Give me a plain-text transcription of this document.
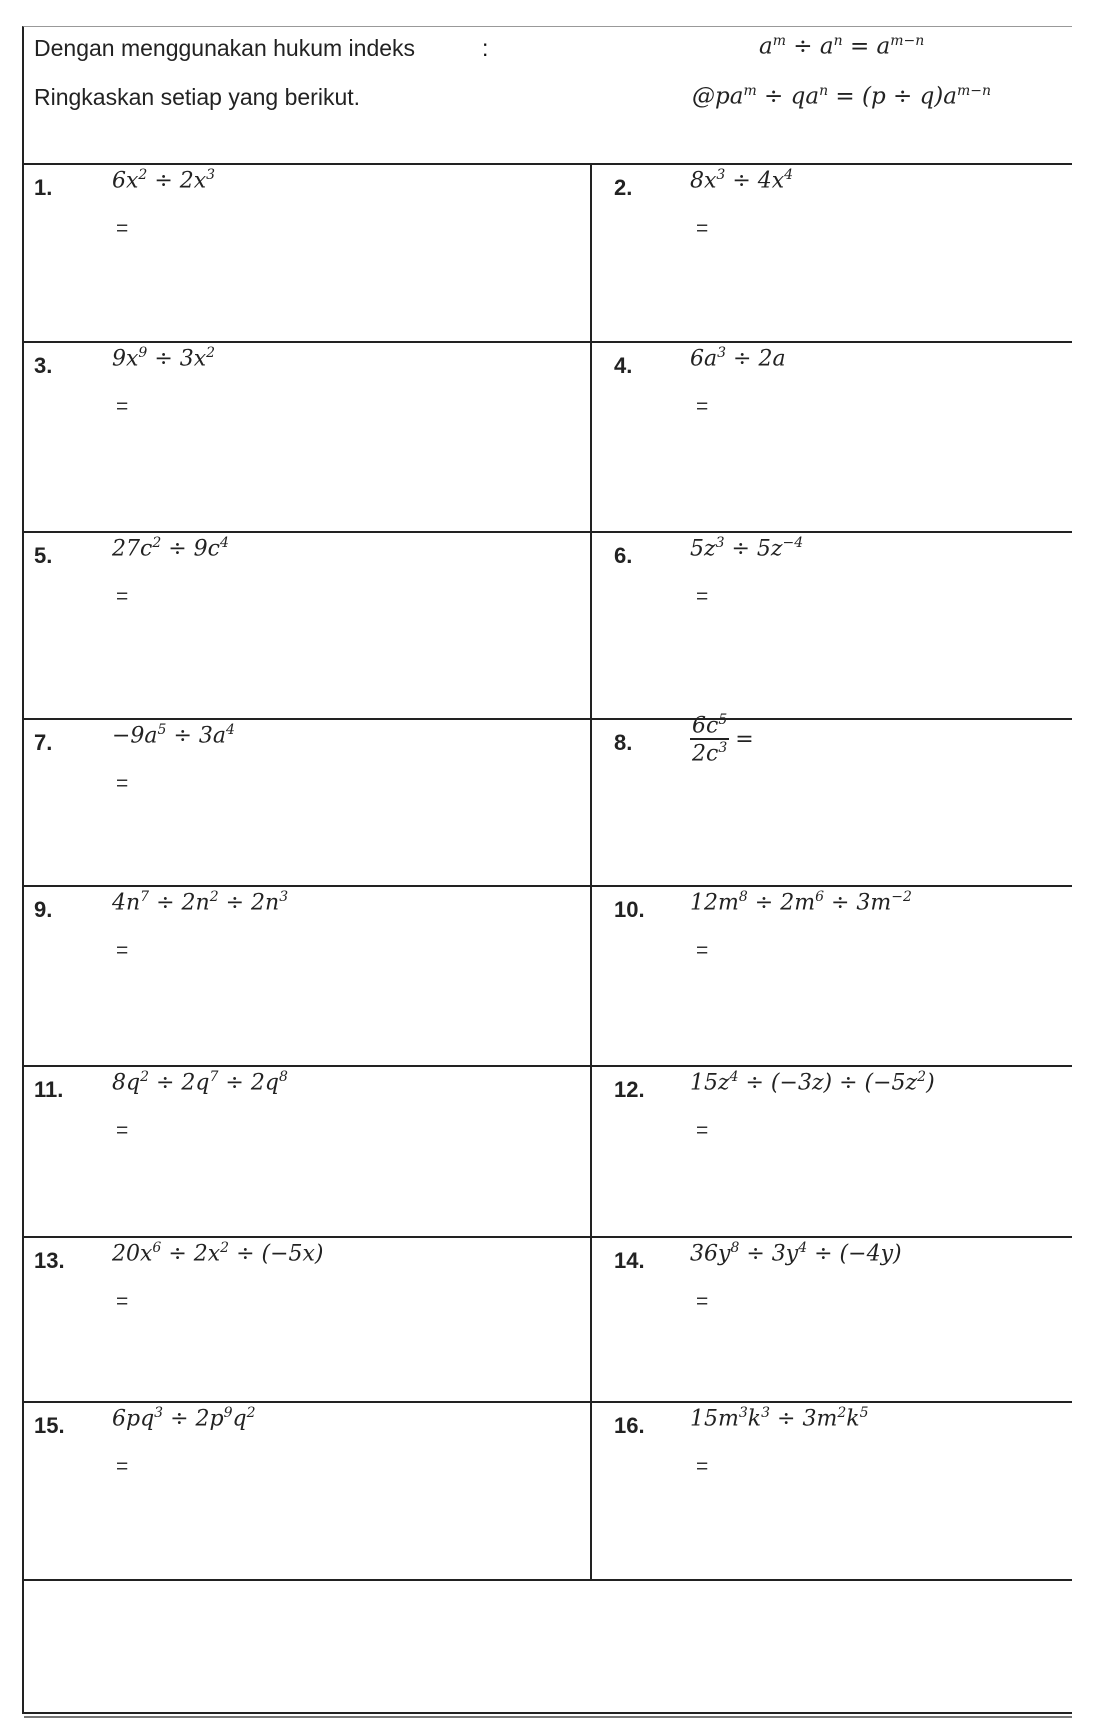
Dengan menggunakan hukum indeks	:
Ringkaskan setiap yang berikut.
$a^m \div a^n = a^{m-n}$
$@pa^m \div qa^n = (p \div q)a^{m-n}$
1.	$6x^2 \div 2x^3$
=
2.	$8x^3 \div 4x^4$
=
3.	$9x^9 \div 3x^2$
=
4.	$6a^3 \div 2a$
=
5.	$27c^2 \div 9c^4$
=
6.	$5z^3 \div 5z^{-4}$
=
7.	$-9a^5 \div 3a^4$
=
8.	$\frac{6c^5}{2c^3}$ =
9.	$4n^7 \div 2n^2 \div 2n^3$
=
10. $12m^8 \div 2m^6 \div 3m^{-2}$
=
11. $8q^2 \div 2q^7 \div 2q^8$
=
12. $15z^4 \div (-3z) \div (-5z^2)$
=
13. $20x^6 \div 2x^2 \div (-5x)$
=
14. $36y^8 \div 3y^4 \div (-4y)$
=
15. $6pq^3 \div 2p^9q^2$
=
16. $15m^3k^3 \div 3m^2k^5$
=
